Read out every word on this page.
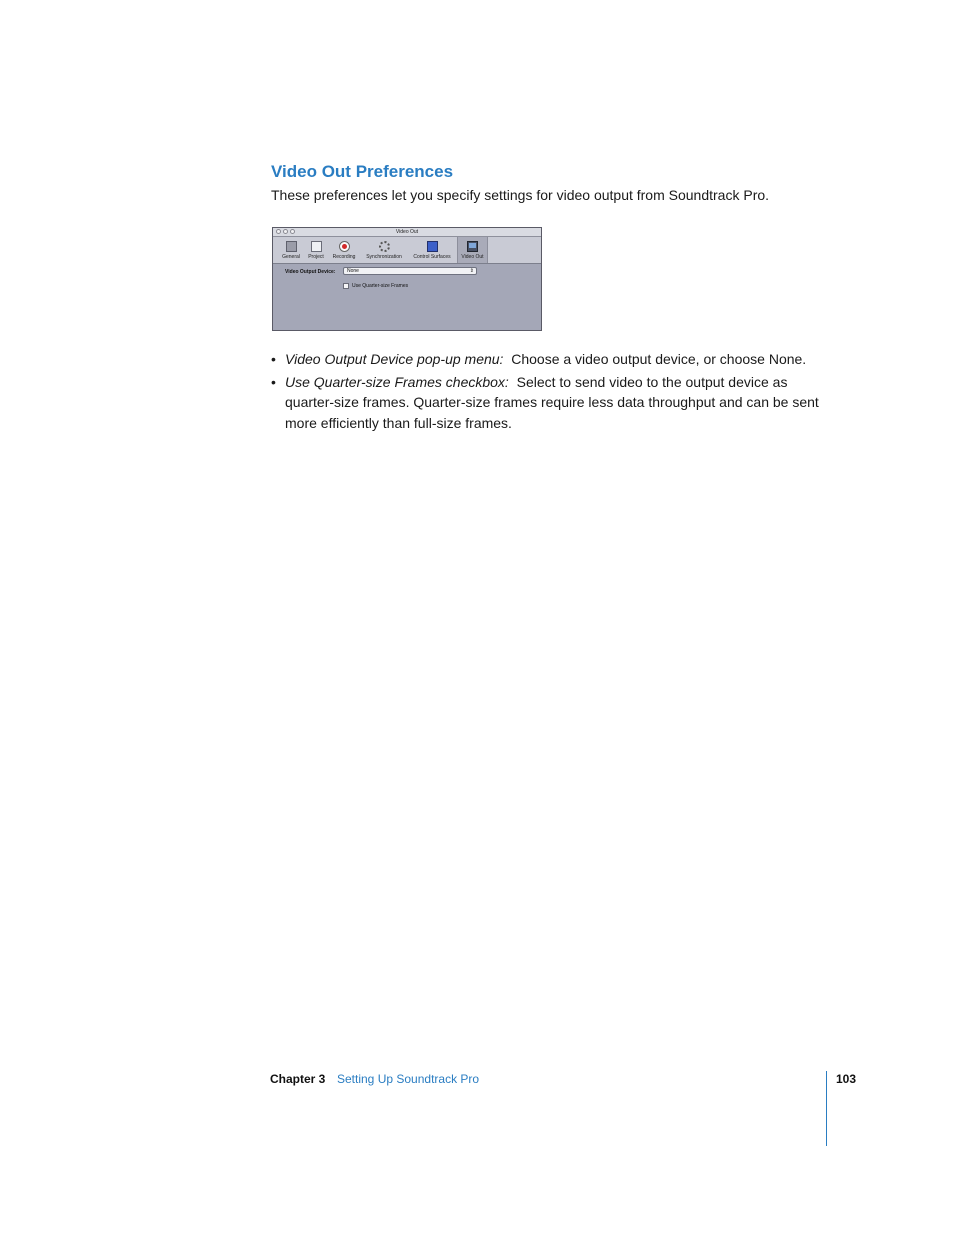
Video Out Preferences
These preferences let you specify settings for video output from Soundtrack Pro.
Video Out
General Project Recording Synchronization Control Surfaces Video Out
Video Output Device: None	⇕
Use Quarter-size Frames
• Video Output Device pop-up menu: Choose a video output device, or choose None.
• Use Quarter-size Frames checkbox: Select to send video to the output device as quarter-size frames. Quarter-size frames require less data throughput and can be sent more efficiently than full-size frames.
Chapter 3 Setting Up Soundtrack Pro	103
